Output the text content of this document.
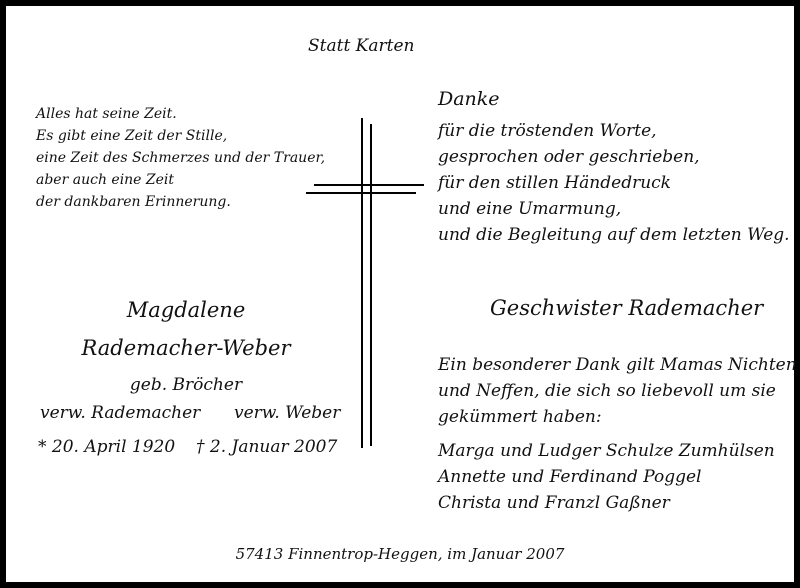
Statt Karten
Alles hat seine Zeit.
Es gibt eine Zeit der Stille,
eine Zeit des Schmerzes und der Trauer,
aber auch eine Zeit
der dankbaren Erinnerung.
Magdalene
Rademacher-Weber
geb. Bröcher
verw. Rademacher verw. Weber
* 20. April 1920 † 2. Januar 2007
Danke
für die tröstenden Worte,
gesprochen oder geschrieben,
für den stillen Händedruck
und eine Umarmung,
und die Begleitung auf dem letzten Weg.
Geschwister Rademacher
Ein besonderer Dank gilt Mamas Nichten
und Neffen, die sich so liebevoll um sie
gekümmert haben:
Marga und Ludger Schulze Zumhülsen
Annette und Ferdinand Poggel
Christa und Franzl Gaßner
57413 Finnentrop-Heggen, im Januar 2007
